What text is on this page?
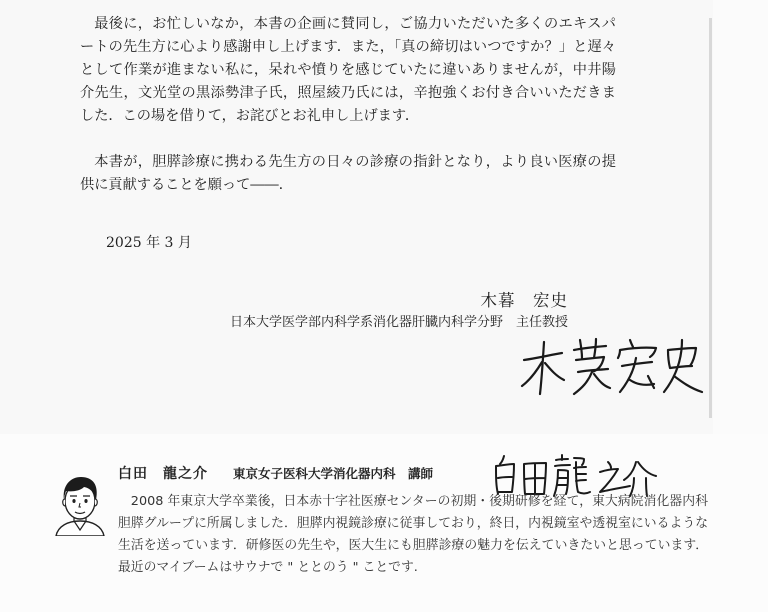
最後に，お忙しいなか，本書の企画に賛同し，ご協力いただいた多くのエキスパートの先生方に心より感謝申し上げます．また，「真の締切はいつですか？」と遅々として作業が進まない私に，呆れや憤りを感じていたに違いありませんが，中井陽介先生，文光堂の黒添勢津子氏，照屋綾乃氏には，辛抱強くお付き合いいただきました．この場を借りて，お詫びとお礼申し上げます．

本書が，胆膵診療に携わる先生方の日々の診療の指針となり，より良い医療の提供に貢献することを願って――.

2025 年 3 月
木暮　宏史
日本大学医学部内科学系消化器肝臓内科学分野　主任教授
白田　龍之介 東京女子医科大学消化器内科　講師

2008 年東京大学卒業後，日本赤十字社医療センターの初期・後期研修を経て，東大病院消化器内科胆膵グループに所属しました．胆膵内視鏡診療に従事しており，終日，内視鏡室や透視室にいるような生活を送っています．研修医の先生や，医大生にも胆膵診療の魅力を伝えていきたいと思っています．最近のマイブームはサウナで " ととのう " ことです.
